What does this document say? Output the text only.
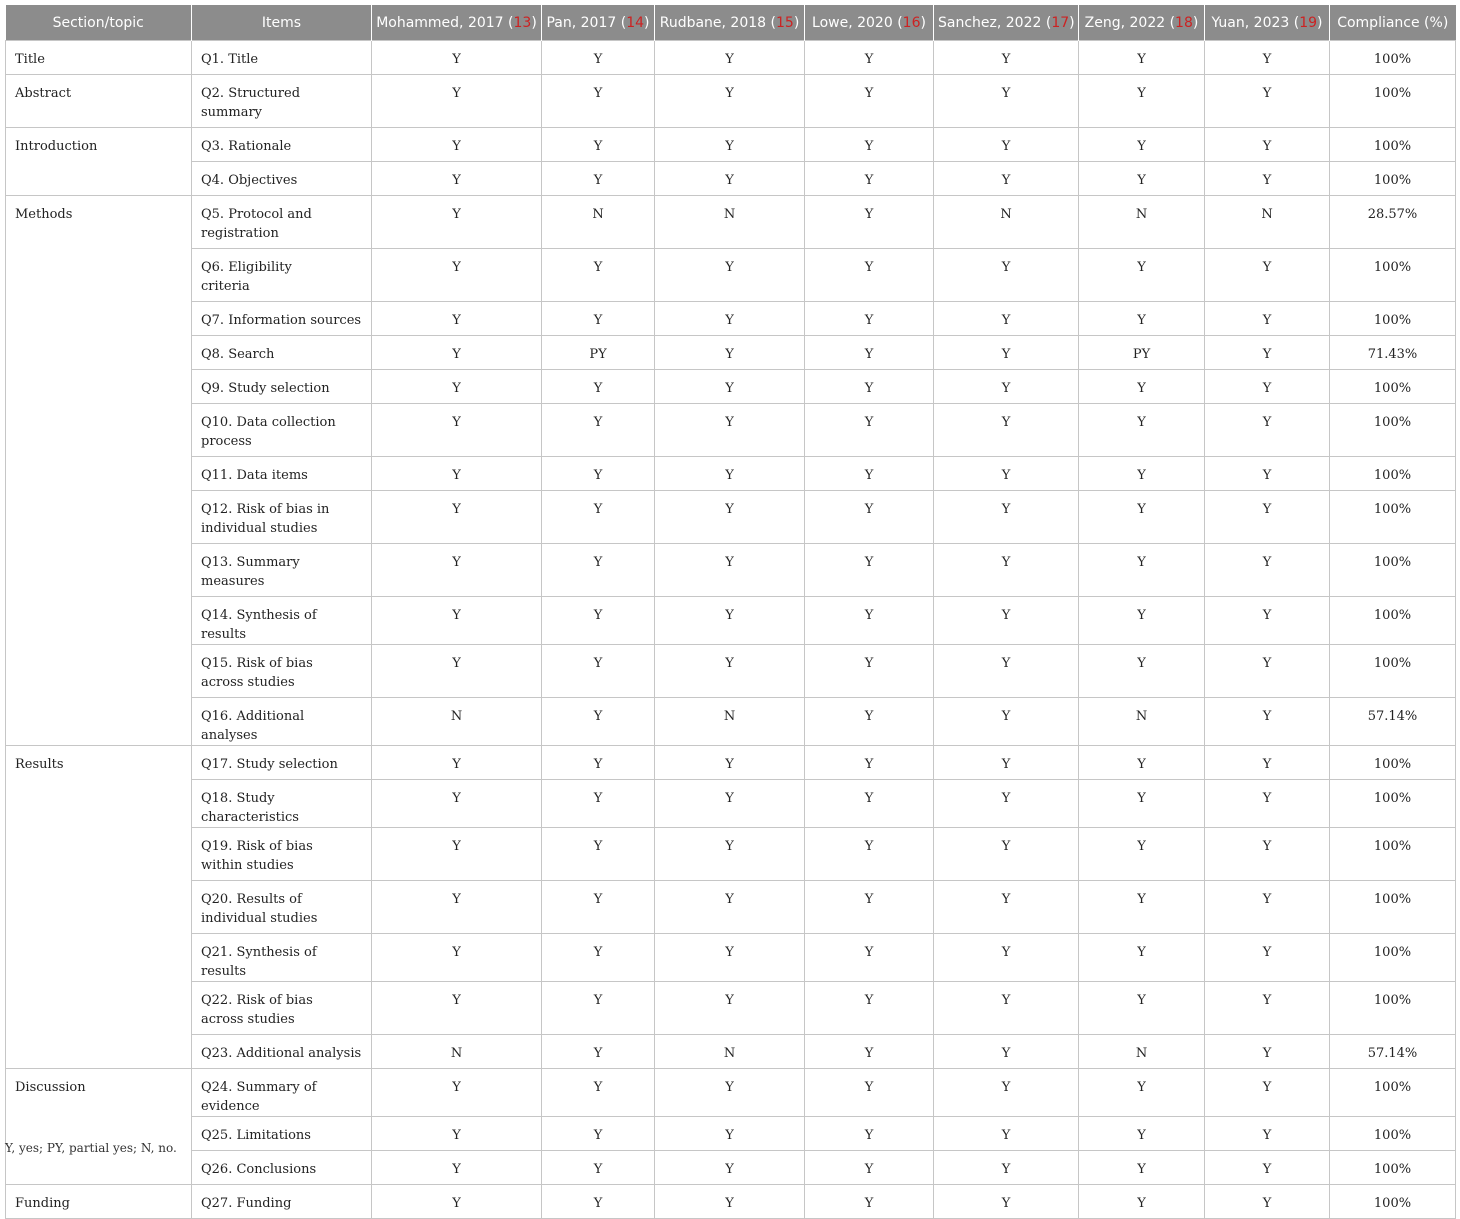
Section/topic	Items	Mohammed, 2017 (13)	Pan, 2017 (14)	Rudbane, 2018 (15)	Lowe, 2020 (16)	Sanchez, 2022 (17)	Zeng, 2022 (18)	Yuan, 2023 (19)	Compliance (%)
Title	Q1. Title	Y	Y	Y	Y	Y	Y	Y	100%
Abstract	Q2. Structured
summary	Y	Y	Y	Y	Y	Y	Y	100%
Introduction	Q3. Rationale	Y	Y	Y	Y	Y	Y	Y	100%
	Q4. Objectives	Y	Y	Y	Y	Y	Y	Y	100%
Methods	Q5. Protocol and
registration	Y	N	N	Y	N	N	N	28.57%
	Q6. Eligibility
criteria	Y	Y	Y	Y	Y	Y	Y	100%
	Q7. Information sources	Y	Y	Y	Y	Y	Y	Y	100%
	Q8. Search	Y	PY	Y	Y	Y	PY	Y	71.43%
	Q9. Study selection	Y	Y	Y	Y	Y	Y	Y	100%
	Q10. Data collection
process	Y	Y	Y	Y	Y	Y	Y	100%
	Q11. Data items	Y	Y	Y	Y	Y	Y	Y	100%
	Q12. Risk of bias in
individual studies	Y	Y	Y	Y	Y	Y	Y	100%
	Q13. Summary
measures	Y	Y	Y	Y	Y	Y	Y	100%
	Q14. Synthesis of results	Y	Y	Y	Y	Y	Y	Y	100%
	Q15. Risk of bias
across studies	Y	Y	Y	Y	Y	Y	Y	100%
	Q16. Additional analyses	N	Y	N	Y	Y	N	Y	57.14%
Results	Q17. Study selection	Y	Y	Y	Y	Y	Y	Y	100%
	Q18. Study characteristics	Y	Y	Y	Y	Y	Y	Y	100%
	Q19. Risk of bias
within studies	Y	Y	Y	Y	Y	Y	Y	100%
	Q20. Results of
individual studies	Y	Y	Y	Y	Y	Y	Y	100%
	Q21. Synthesis of results	Y	Y	Y	Y	Y	Y	Y	100%
	Q22. Risk of bias
across studies	Y	Y	Y	Y	Y	Y	Y	100%
	Q23. Additional analysis	N	Y	N	Y	Y	N	Y	57.14%
Discussion	Q24. Summary of evidence	Y	Y	Y	Y	Y	Y	Y	100%
	Q25. Limitations	Y	Y	Y	Y	Y	Y	Y	100%
	Q26. Conclusions	Y	Y	Y	Y	Y	Y	Y	100%
Funding	Q27. Funding	Y	Y	Y	Y	Y	Y	Y	100%
Y, yes; PY, partial yes; N, no.
